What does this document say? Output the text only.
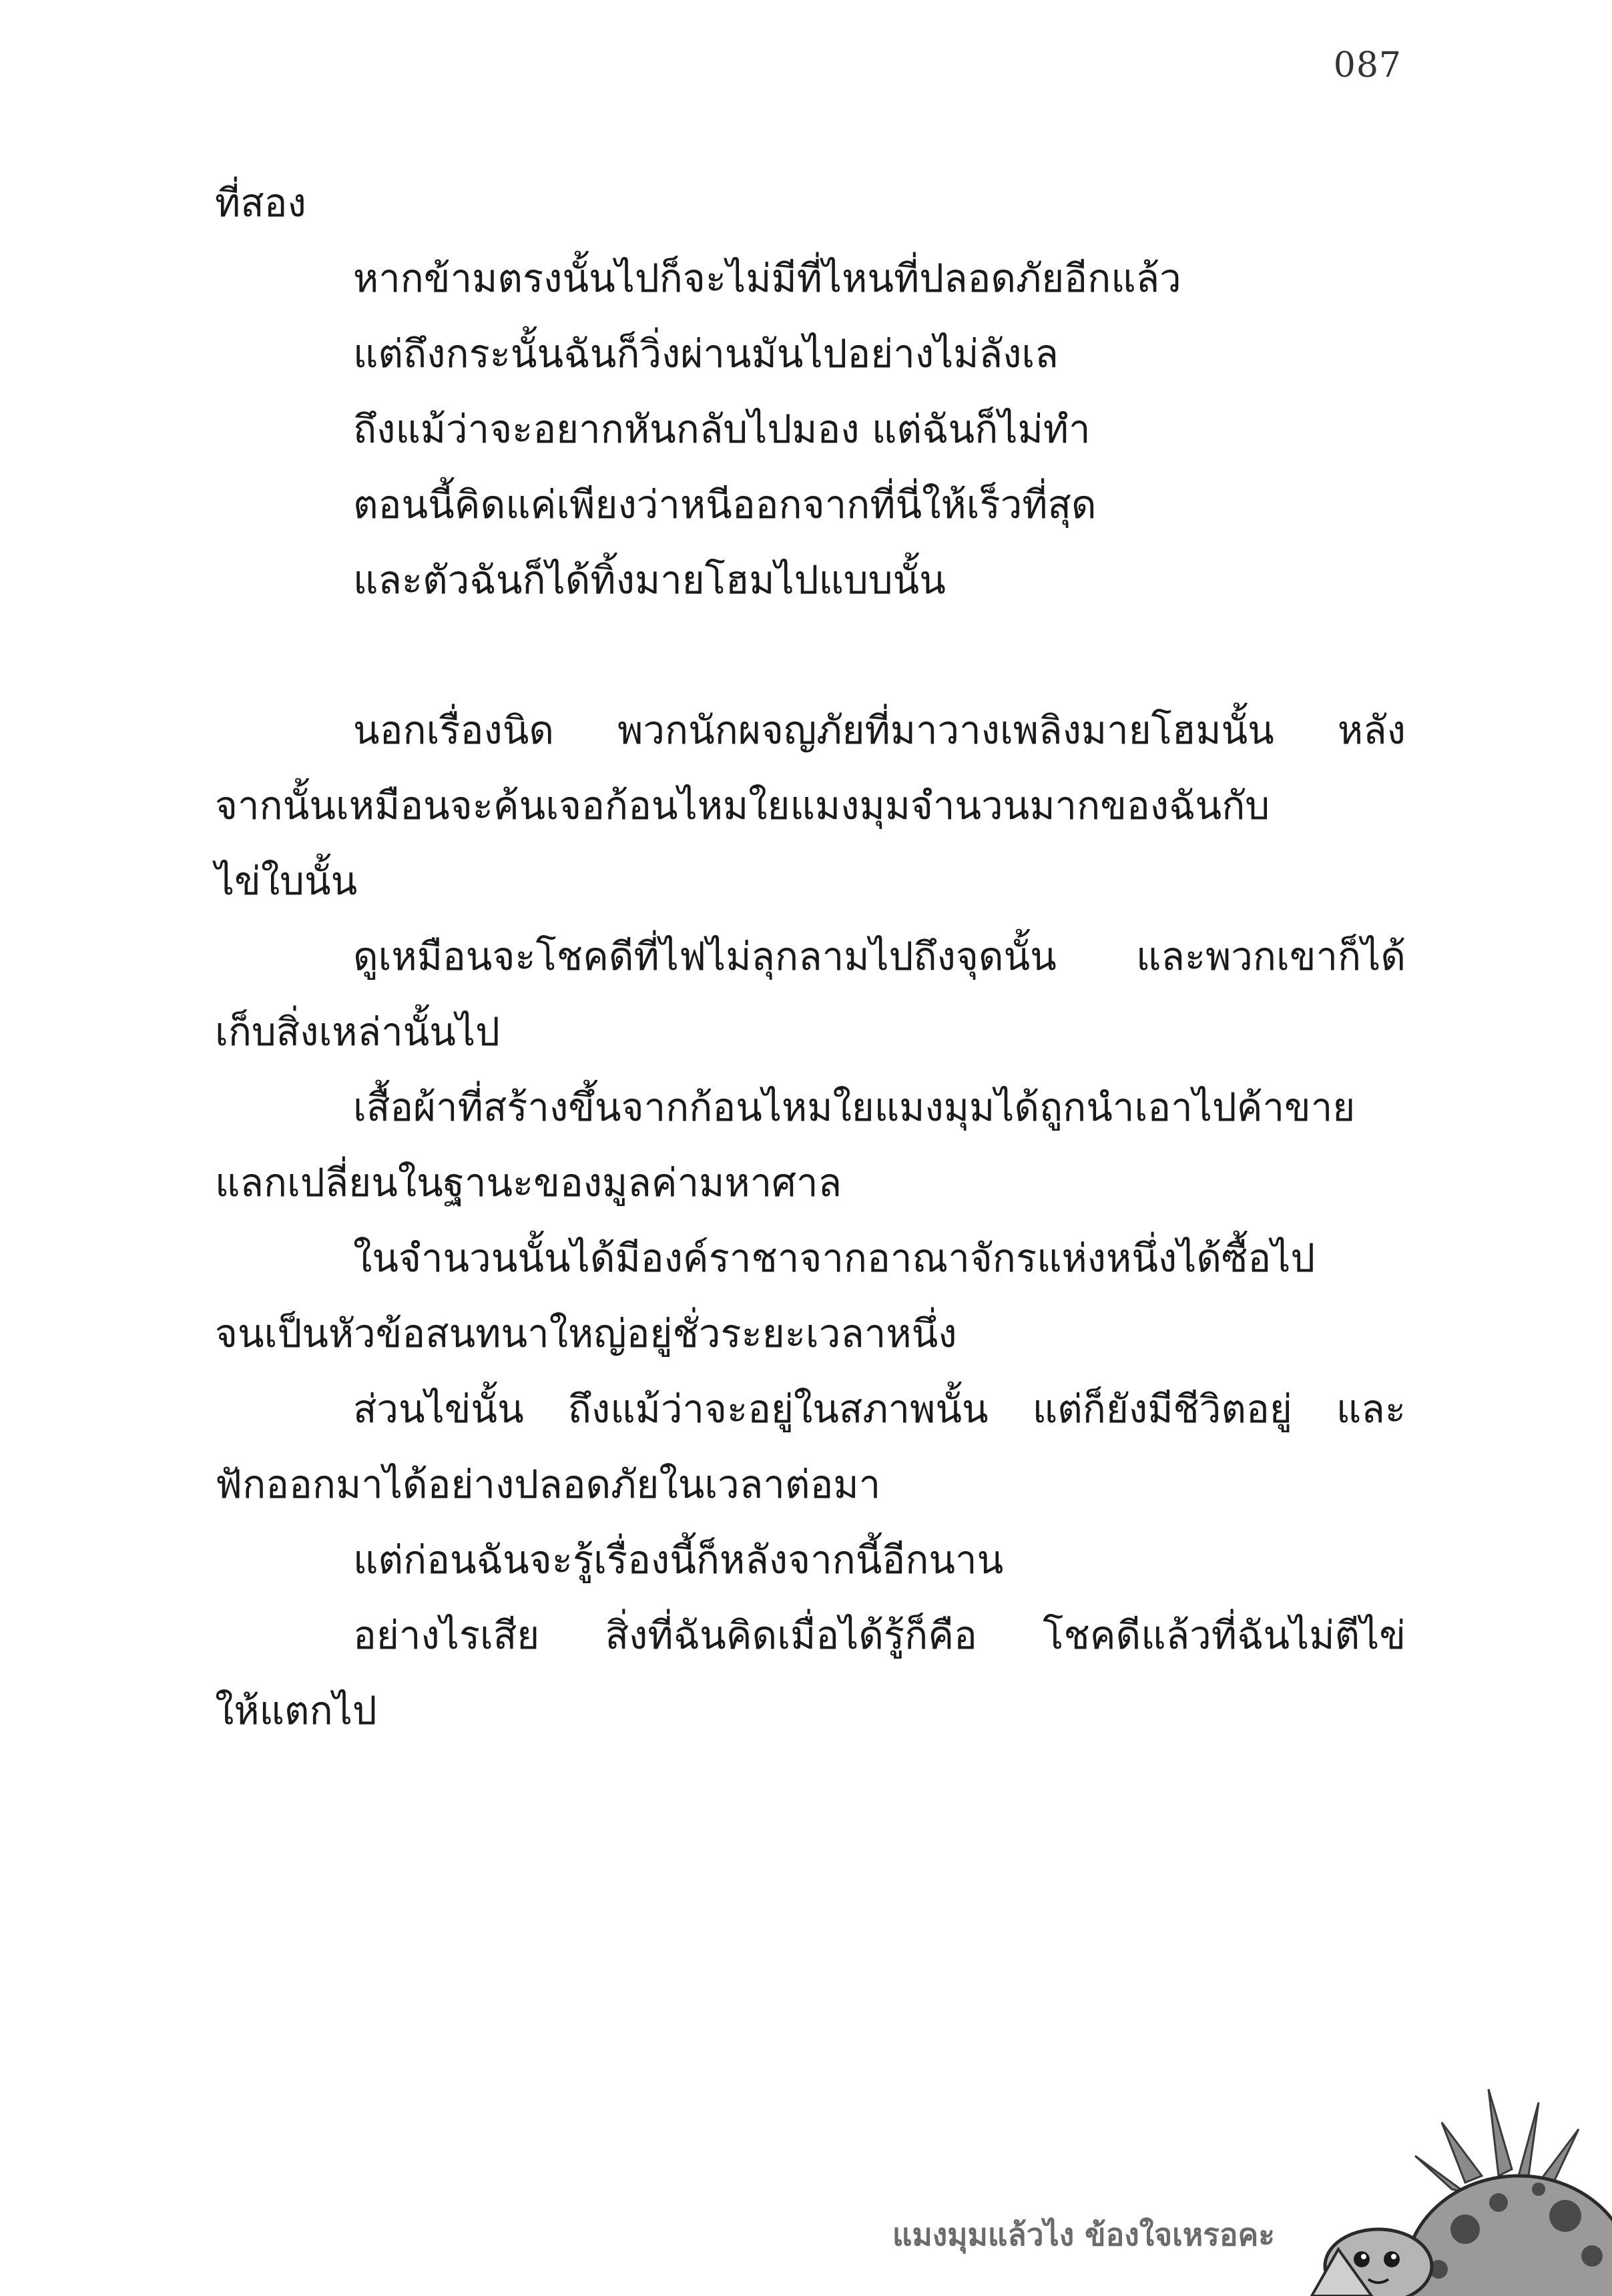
087
ที่สอง
หากข้ามตรงนั้นไปก็จะไม่มีที่ไหนที่ปลอดภัยอีกแล้ว
แต่ถึงกระนั้นฉันก็วิ่งผ่านมันไปอย่างไม่ลังเล
ถึงแม้ว่าจะอยากหันกลับไปมอง แต่ฉันก็ไม่ทำ
ตอนนี้คิดแค่เพียงว่าหนีออกจากที่นี่ให้เร็วที่สุด
และตัวฉันก็ได้ทิ้งมายโฮมไปแบบนั้น
นอกเรื่องนิด พวกนักผจญภัยที่มาวางเพลิงมายโฮมนั้น หลัง
จากนั้นเหมือนจะค้นเจอก้อนไหมใยแมงมุมจำนวนมากของฉันกับ
ไข่ใบนั้น
ดูเหมือนจะโชคดีที่ไฟไม่ลุกลามไปถึงจุดนั้น และพวกเขาก็ได้
เก็บสิ่งเหล่านั้นไป
เสื้อผ้าที่สร้างขึ้นจากก้อนไหมใยแมงมุมได้ถูกนำเอาไปค้าขาย
แลกเปลี่ยนในฐานะของมูลค่ามหาศาล
ในจำนวนนั้นได้มีองค์ราชาจากอาณาจักรแห่งหนึ่งได้ซื้อไป
จนเป็นหัวข้อสนทนาใหญ่อยู่ชั่วระยะเวลาหนึ่ง
ส่วนไข่นั้น ถึงแม้ว่าจะอยู่ในสภาพนั้น แต่ก็ยังมีชีวิตอยู่ และ
ฟักออกมาได้อย่างปลอดภัยในเวลาต่อมา
แต่ก่อนฉันจะรู้เรื่องนี้ก็หลังจากนี้อีกนาน
อย่างไรเสีย สิ่งที่ฉันคิดเมื่อได้รู้ก็คือ โชคดีแล้วที่ฉันไม่ตีไข่
ให้แตกไป
แมงมุมแล้วไง ข้องใจเหรอคะ
